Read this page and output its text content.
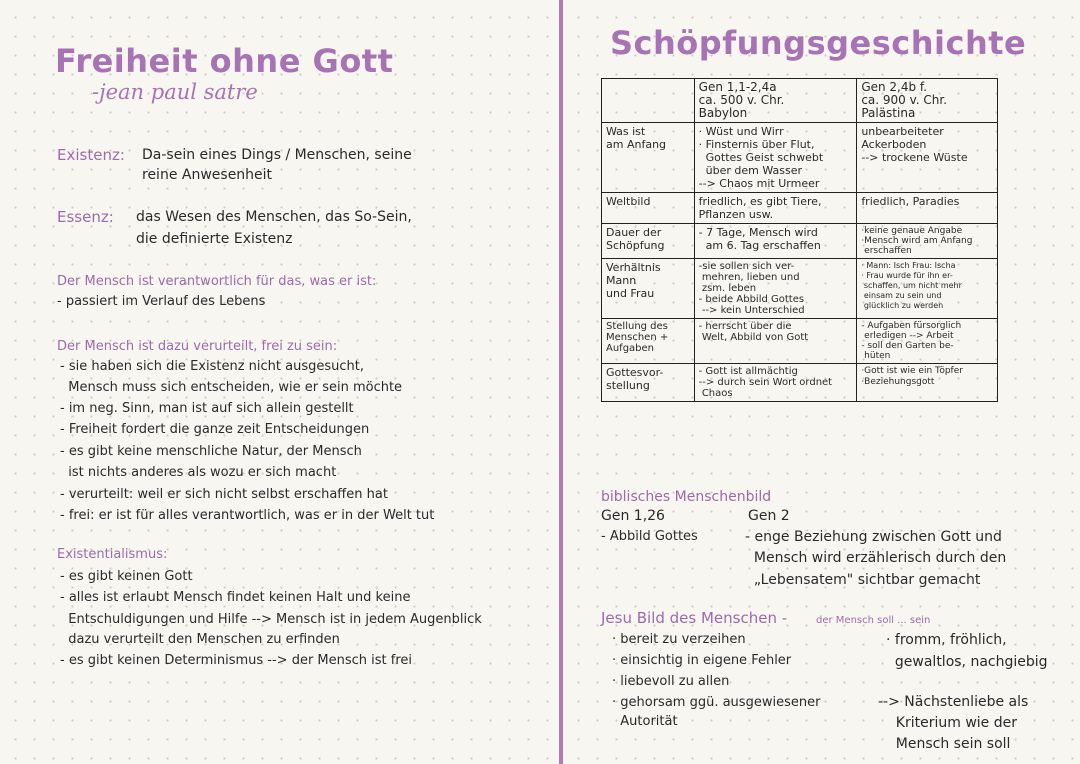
Freiheit ohne Gott
-jean paul satre
Existenz: Da-sein eines Dings / Menschen, seine
reine Anwesenheit
Essenz: das Wesen des Menschen, das So-Sein,
die definierte Existenz
Der Mensch ist verantwortlich für das, was er ist:
- passiert im Verlauf des Lebens
Der Mensch ist dazu verurteilt, frei zu sein:
- sie haben sich die Existenz nicht ausgesucht,
Mensch muss sich entscheiden, wie er sein möchte
- im neg. Sinn, man ist auf sich allein gestellt
- Freiheit fordert die ganze zeit Entscheidungen
- es gibt keine menschliche Natur, der Mensch
ist nichts anderes als wozu er sich macht
- verurteilt: weil er sich nicht selbst erschaffen hat
- frei: er ist für alles verantwortlich, was er in der Welt tut
Existentialismus:
- es gibt keinen Gott
- alles ist erlaubt Mensch findet keinen Halt und keine
Entschuldigungen und Hilfe --> Mensch ist in jedem Augenblick
dazu verurteilt den Menschen zu erfinden
- es gibt keinen Determinismus --> der Mensch ist frei
Schöpfungsgeschichte

	Gen 1,1-2,4a
ca. 500 v. Chr.
Babylon	Gen 2,4b f.
ca. 900 v. Chr.
Palästina

Was ist
am Anfang	· Wüst und Wirr
· Finsternis über Flut,
Gottes Geist schwebt
über dem Wasser
--> Chaos mit Urmeer	unbearbeiteter
Ackerboden
--> trockene Wüste

Weltbild	friedlich, es gibt Tiere,
Pflanzen usw.	friedlich, Paradies

Dauer der
Schöpfung	- 7 Tage, Mensch wird
am 6. Tag erschaffen	·keine genaue Angabe
·Mensch wird am Anfang
erschaffen

Verhältnis
Mann
und Frau	-sie sollen sich ver-
mehren, lieben und
zsm. leben
- beide Abbild Gottes
--> kein Unterschied	· Mann: Isch Frau: Ischa
· Frau wurde für ihn er-
schaffen, um nicht mehr
einsam zu sein und
glücklich zu werden

Stellung des
Menschen +
Aufgaben	- herrscht über die
Welt, Abbild von Gott	- Aufgaben fürsorglich
erledigen --> Arbeit
- soll den Garten be-
hüten

Gottesvor-
stellung	- Gott ist allmächtig
--> durch sein Wort ordnet
Chaos	·Gott ist wie ein Töpfer
·Beziehungsgott
biblisches Menschenbild
Gen 1,26	Gen 2
- Abbild Gottes	- enge Beziehung zwischen Gott und
Mensch wird erzählerisch durch den
„Lebensatem" sichtbar gemacht
Jesu Bild des Menschen -	der Mensch soll ... sein
· bereit zu verzeihen
· einsichtig in eigene Fehler
· liebevoll zu allen
· gehorsam ggü. ausgewiesener
Autorität
· fromm, fröhlich,
gewaltlos, nachgiebig
--> Nächstenliebe als
Kriterium wie der
Mensch sein soll
